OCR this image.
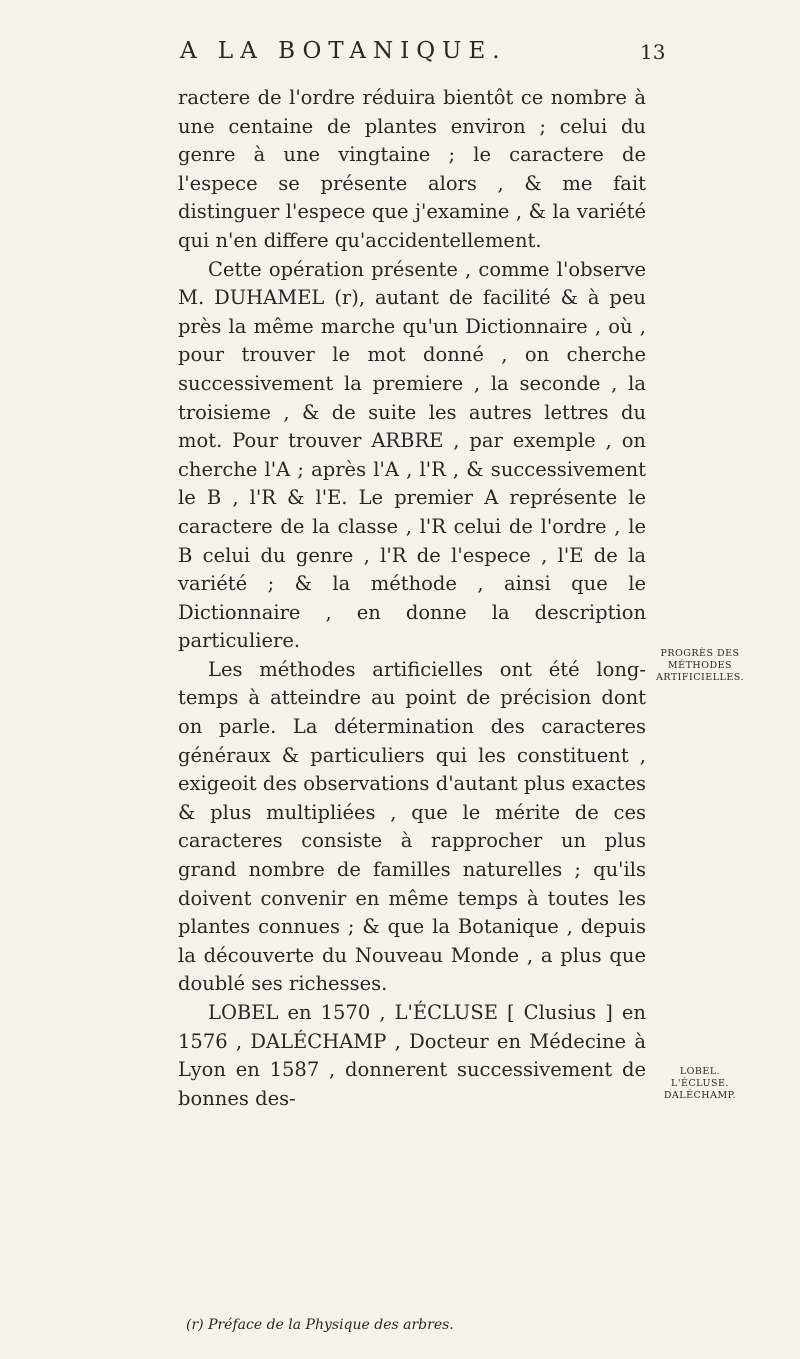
A LA BOTANIQUE.	13

ractere de l'ordre réduira bientôt ce nombre à une centaine de plantes environ ; celui du genre à une vingtaine ; le caractere de l'espece se présente alors , & me fait distinguer l'espece que j'examine , & la variété qui n'en differe qu'accidentellement.

Cette opération présente , comme l'observe M. DUHAMEL (r), autant de facilité & à peu près la même marche qu'un Dictionnaire , où , pour trouver le mot donné , on cherche successivement la premiere , la seconde , la troisieme , & de suite les autres lettres du mot. Pour trouver ARBRE , par exemple , on cherche l'A ; après l'A , l'R , & successivement le B , l'R & l'E. Le premier A représente le caractere de la classe , l'R celui de l'ordre , le B celui du genre , l'R de l'espece , l'E de la variété ; & la méthode , ainsi que le Dictionnaire , en donne la description particuliere.

Les méthodes artificielles ont été long-temps à atteindre au point de précision dont on parle. La détermination des caracteres généraux & particuliers qui les constituent , exigeoit des observations d'autant plus exactes & plus multipliées , que le mérite de ces caracteres consiste à rapprocher un plus grand nombre de familles naturelles ; qu'ils doivent convenir en même temps à toutes les plantes connues ; & que la Botanique , depuis la découverte du Nouveau Monde , a plus que doublé ses richesses.

LOBEL en 1570 , L'ÉCLUSE [ Clusius ] en 1576 , DALÉCHAMP , Docteur en Médecine à Lyon en 1587 , donnerent successivement de bonnes des-

PROGRÈS DES MÉTHODES ARTIFICIELLES.
LOBEL. L'ÉCLUSE. DALÉCHAMP.
(r) Préface de la Physique des arbres.
